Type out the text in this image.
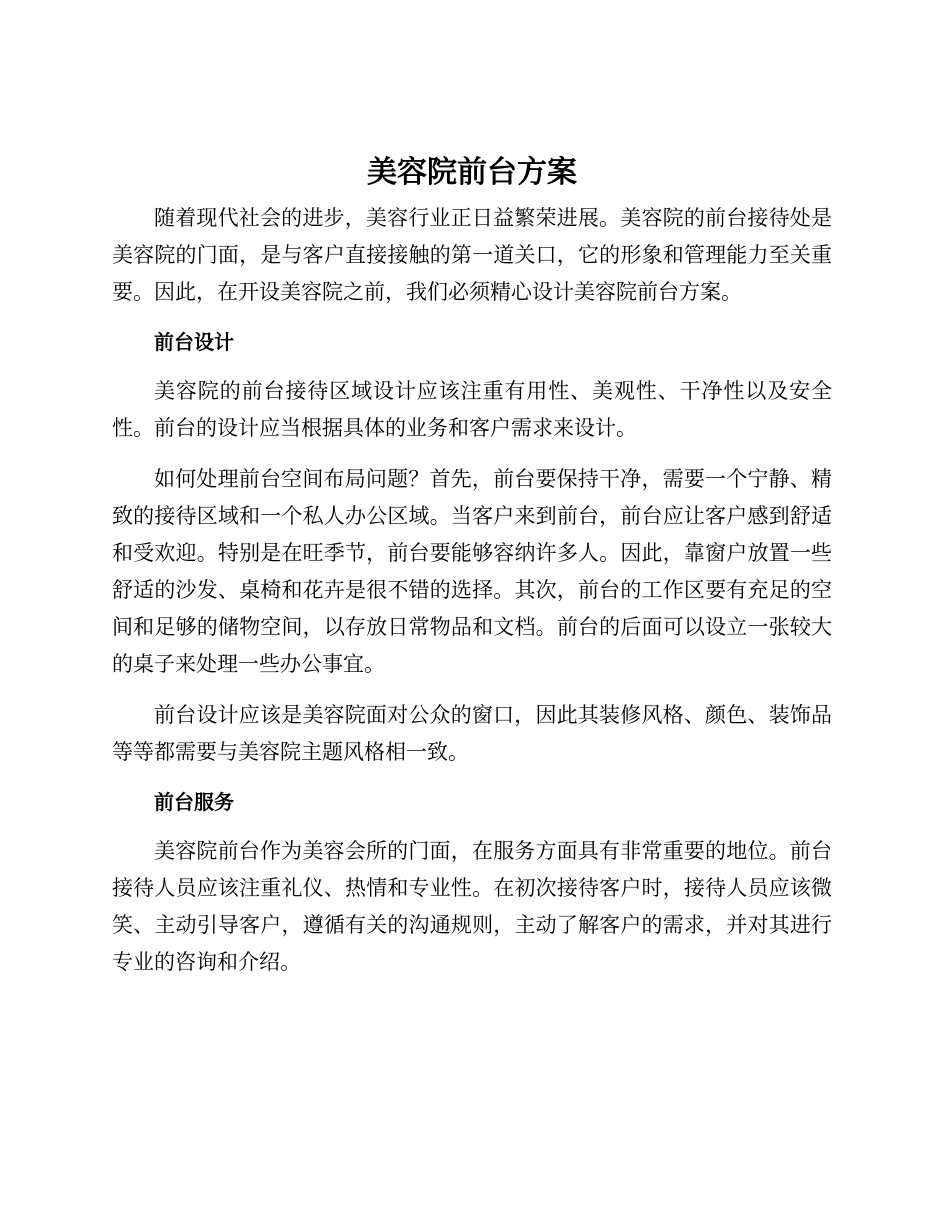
美容院前台方案

随着现代社会的进步，美容行业正日益繁荣进展。美容院的前台接待处是美容院的门面，是与客户直接接触的第一道关口，它的形象和管理能力至关重要。因此，在开设美容院之前，我们必须精心设计美容院前台方案。

前台设计

美容院的前台接待区域设计应该注重有用性、美观性、干净性以及安全性。前台的设计应当根据具体的业务和客户需求来设计。

如何处理前台空间布局问题？首先，前台要保持干净，需要一个宁静、精致的接待区域和一个私人办公区域。当客户来到前台，前台应让客户感到舒适和受欢迎。特别是在旺季节，前台要能够容纳许多人。因此，靠窗户放置一些舒适的沙发、桌椅和花卉是很不错的选择。其次，前台的工作区要有充足的空间和足够的储物空间，以存放日常物品和文档。前台的后面可以设立一张较大的桌子来处理一些办公事宜。

前台设计应该是美容院面对公众的窗口，因此其装修风格、颜色、装饰品等等都需要与美容院主题风格相一致。

前台服务

美容院前台作为美容会所的门面，在服务方面具有非常重要的地位。前台接待人员应该注重礼仪、热情和专业性。在初次接待客户时，接待人员应该微笑、主动引导客户，遵循有关的沟通规则，主动了解客户的需求，并对其进行专业的咨询和介绍。
